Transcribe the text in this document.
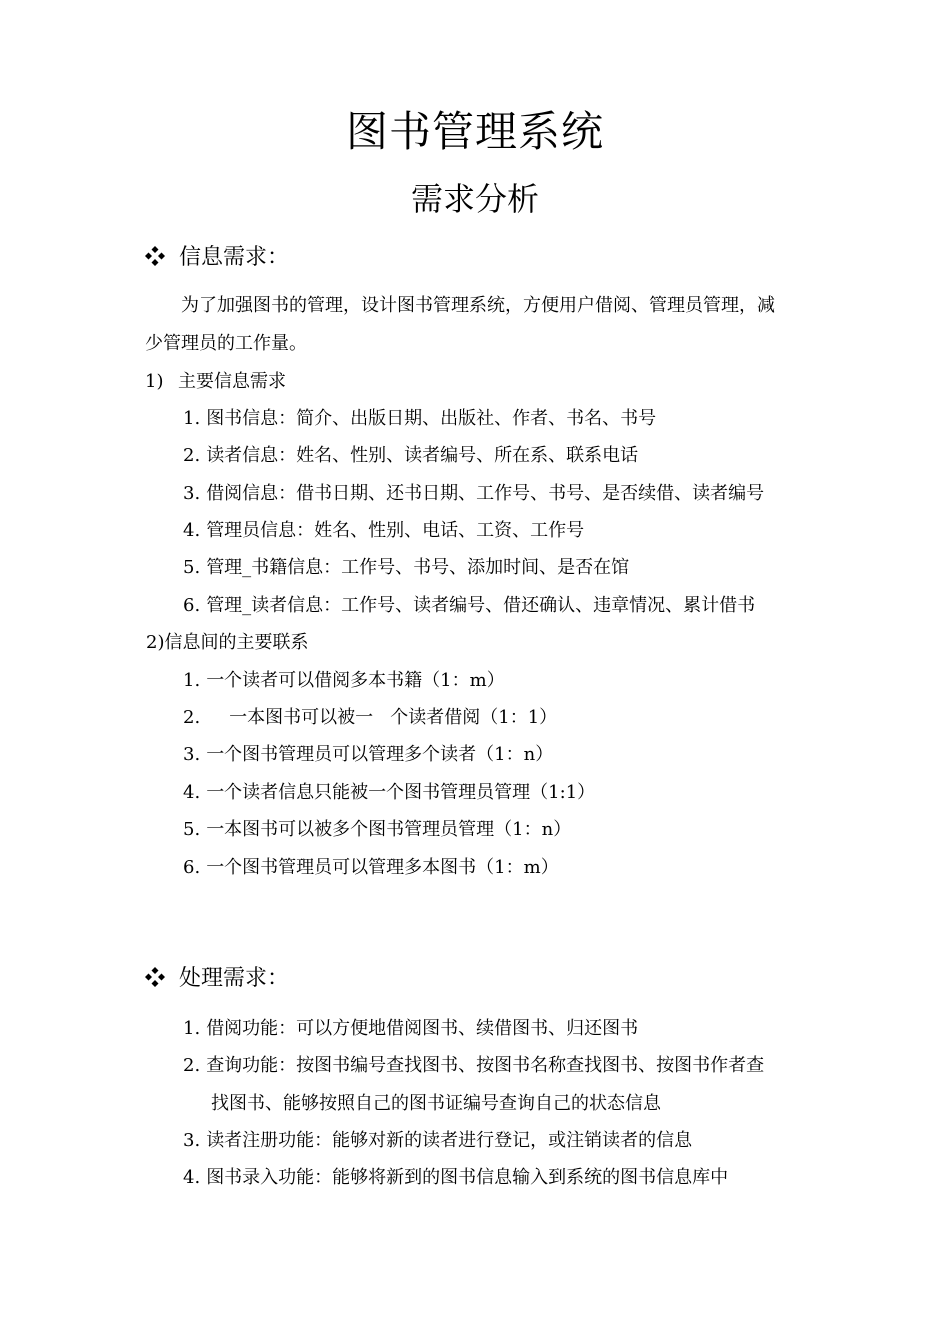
图书管理系统
需求分析
信息需求：
为了加强图书的管理，设计图书管理系统，方便用户借阅、管理员管理，减
少管理员的工作量。
1) 主要信息需求
1. 图书信息：简介、出版日期、出版社、作者、书名、书号
2. 读者信息：姓名、性别、读者编号、所在系、联系电话
3. 借阅信息：借书日期、还书日期、工作号、书号、是否续借、读者编号
4. 管理员信息：姓名、性别、电话、工资、工作号
5. 管理_书籍信息：工作号、书号、添加时间、是否在馆
6. 管理_读者信息：工作号、读者编号、借还确认、违章情况、累计借书
2)信息间的主要联系
1. 一个读者可以借阅多本书籍（1：m）
2.    一本图书可以被一   个读者借阅（1：1）
3. 一个图书管理员可以管理多个读者（1：n）
4. 一个读者信息只能被一个图书管理员管理（1:1）
5. 一本图书可以被多个图书管理员管理（1：n）
6. 一个图书管理员可以管理多本图书（1：m）
处理需求：
1. 借阅功能：可以方便地借阅图书、续借图书、归还图书
2. 查询功能：按图书编号查找图书、按图书名称查找图书、按图书作者查
找图书、能够按照自己的图书证编号查询自己的状态信息
3. 读者注册功能：能够对新的读者进行登记，或注销读者的信息
4. 图书录入功能：能够将新到的图书信息输入到系统的图书信息库中
